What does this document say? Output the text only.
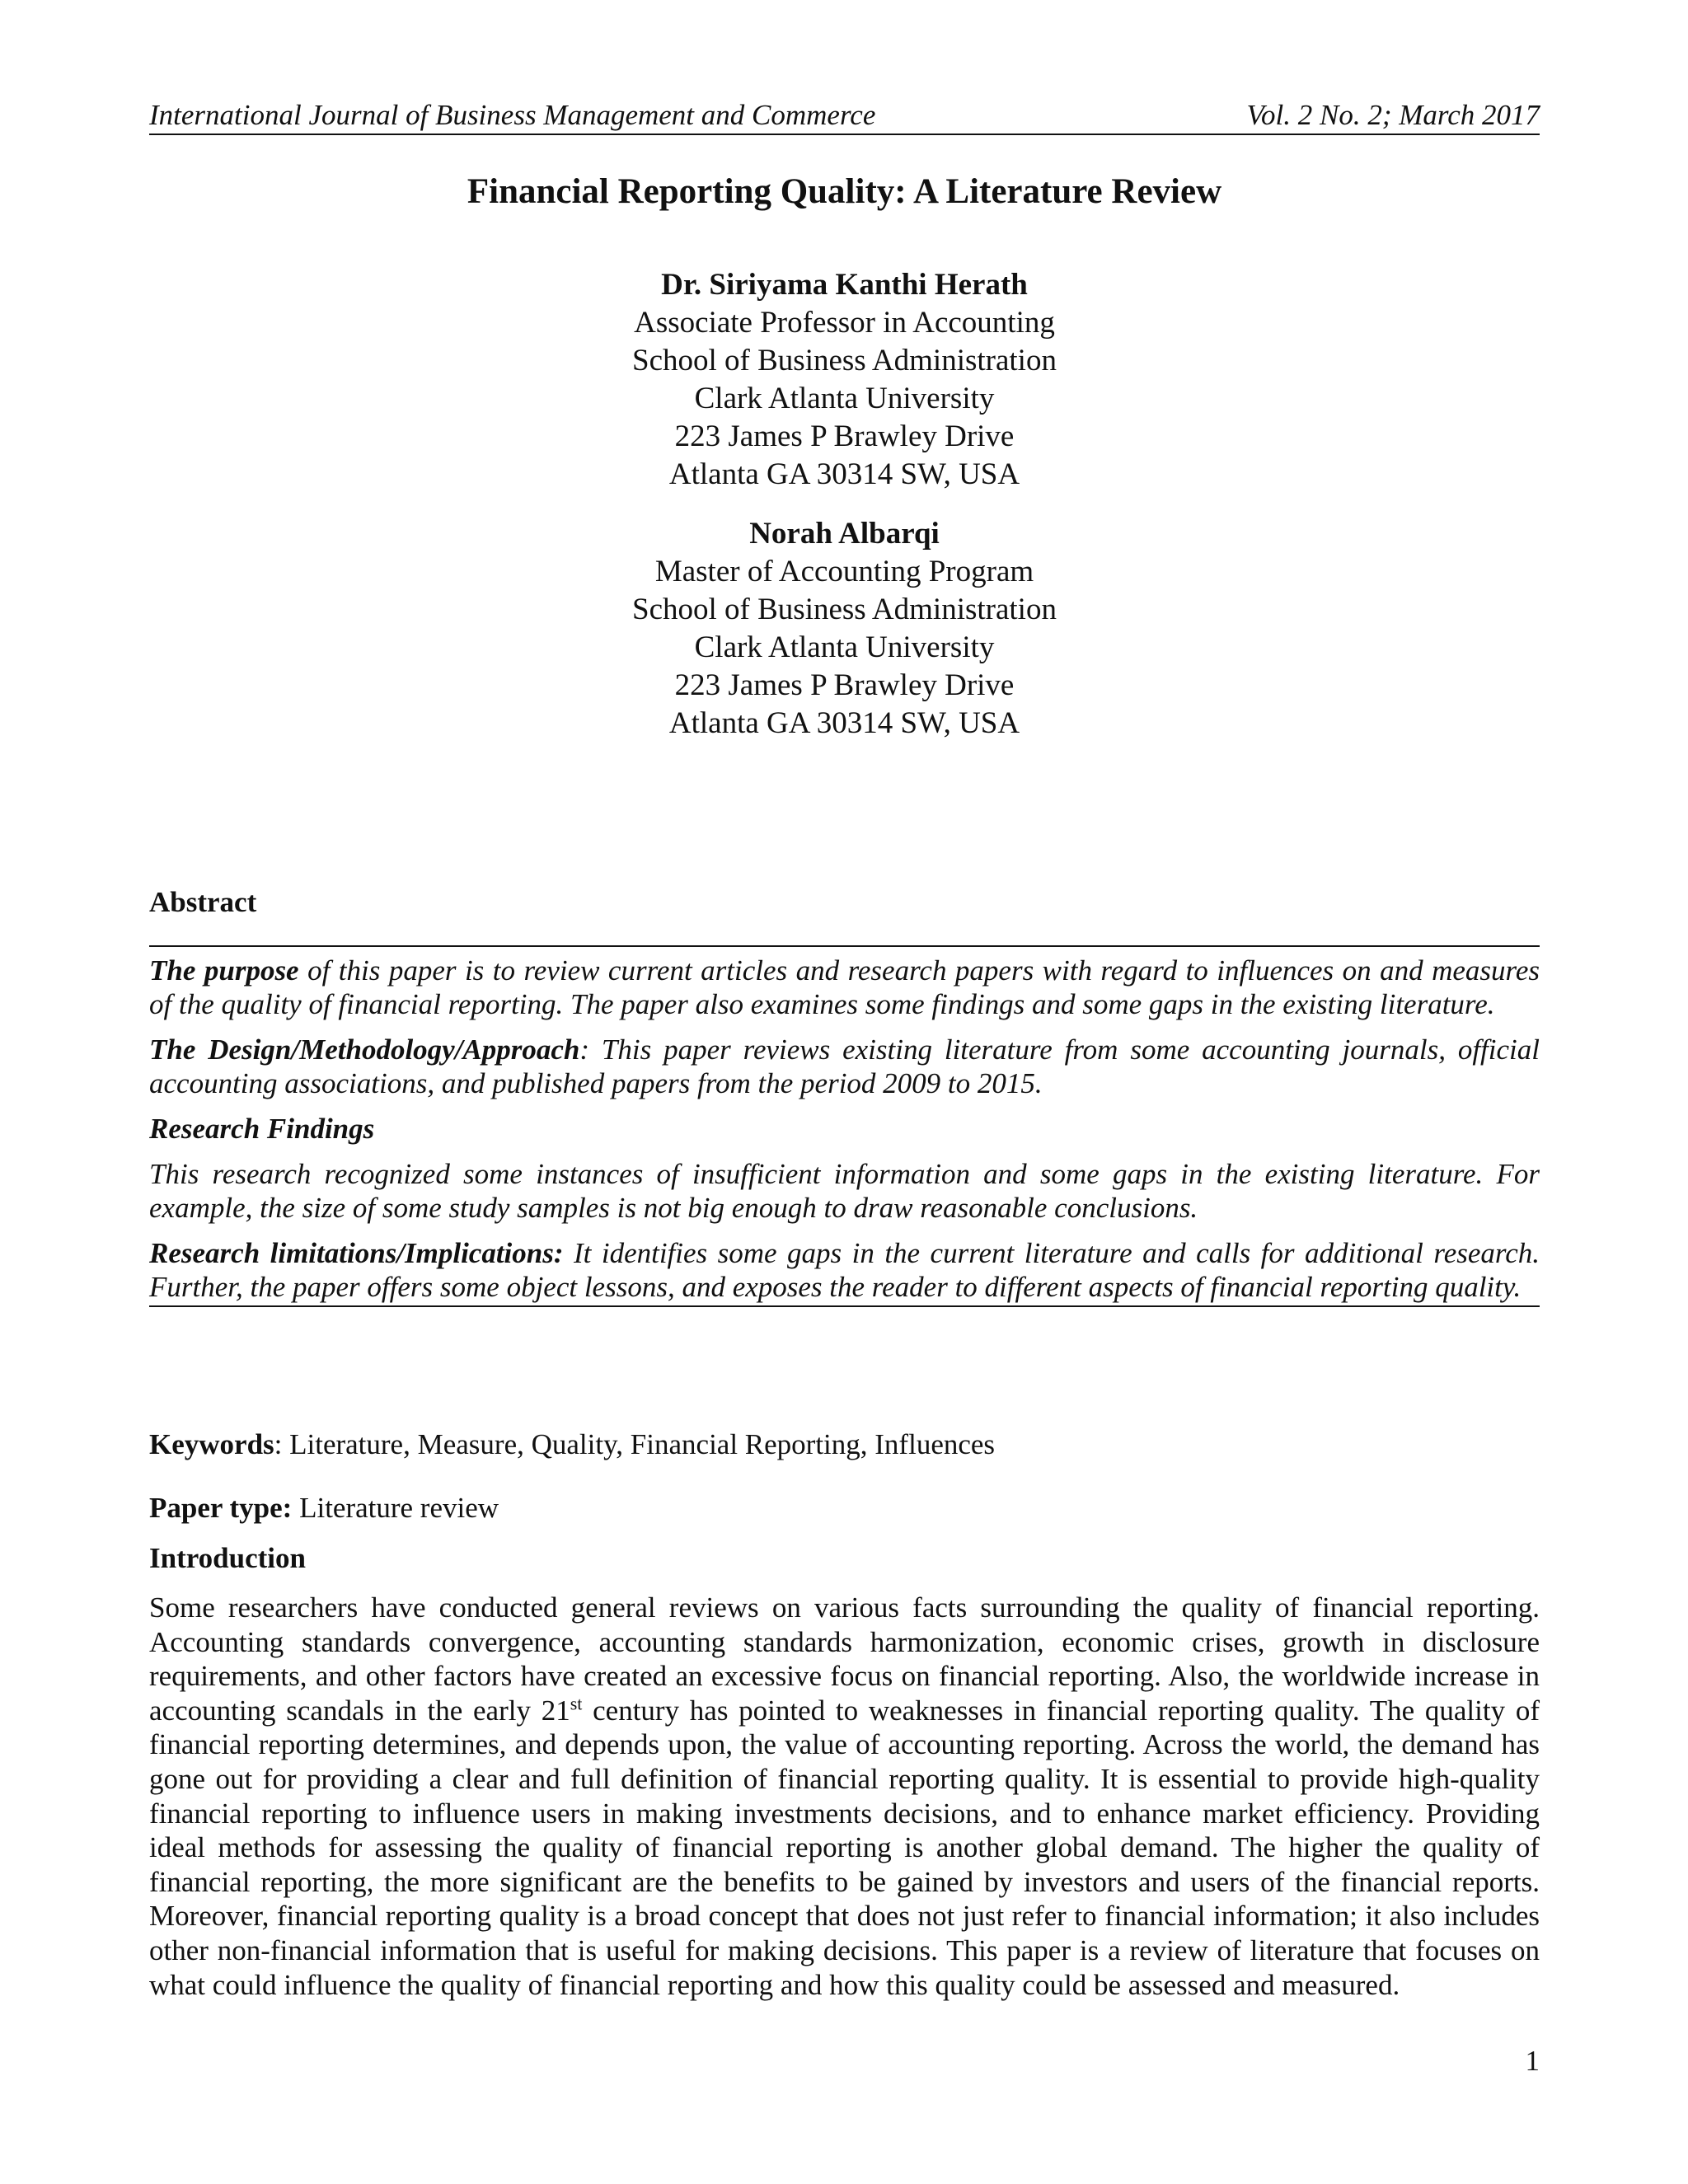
International Journal of Business Management and Commerce	Vol. 2 No. 2; March 2017
Financial Reporting Quality: A Literature Review
Dr. Siriyama Kanthi Herath
Associate Professor in Accounting
School of Business Administration
Clark Atlanta University
223 James P Brawley Drive
Atlanta GA 30314 SW, USA
Norah Albarqi
Master of Accounting Program
School of Business Administration
Clark Atlanta University
223 James P Brawley Drive
Atlanta GA 30314 SW, USA
Abstract

The purpose of this paper is to review current articles and research papers with regard to influences on and measures of the quality of financial reporting. The paper also examines some findings and some gaps in the existing literature.

The Design/Methodology/Approach: This paper reviews existing literature from some accounting journals, official accounting associations, and published papers from the period 2009 to 2015.

Research Findings

This research recognized some instances of insufficient information and some gaps in the existing literature. For example, the size of some study samples is not big enough to draw reasonable conclusions.

Research limitations/Implications: It identifies some gaps in the current literature and calls for additional research. Further, the paper offers some object lessons, and exposes the reader to different aspects of financial reporting quality.

Keywords: Literature, Measure, Quality, Financial Reporting, Influences
Paper type: Literature review
Introduction

Some researchers have conducted general reviews on various facts surrounding the quality of financial reporting. Accounting standards convergence, accounting standards harmonization, economic crises, growth in disclosure requirements, and other factors have created an excessive focus on financial reporting. Also, the worldwide increase in accounting scandals in the early 21st century has pointed to weaknesses in financial reporting quality. The quality of financial reporting determines, and depends upon, the value of accounting reporting. Across the world, the demand has gone out for providing a clear and full definition of financial reporting quality. It is essential to provide high-quality financial reporting to influence users in making investments decisions, and to enhance market efficiency. Providing ideal methods for assessing the quality of financial reporting is another global demand. The higher the quality of financial reporting, the more significant are the benefits to be gained by investors and users of the financial reports. Moreover, financial reporting quality is a broad concept that does not just refer to financial information; it also includes other non-financial information that is useful for making decisions. This paper is a review of literature that focuses on what could influence the quality of financial reporting and how this quality could be assessed and measured.

1
